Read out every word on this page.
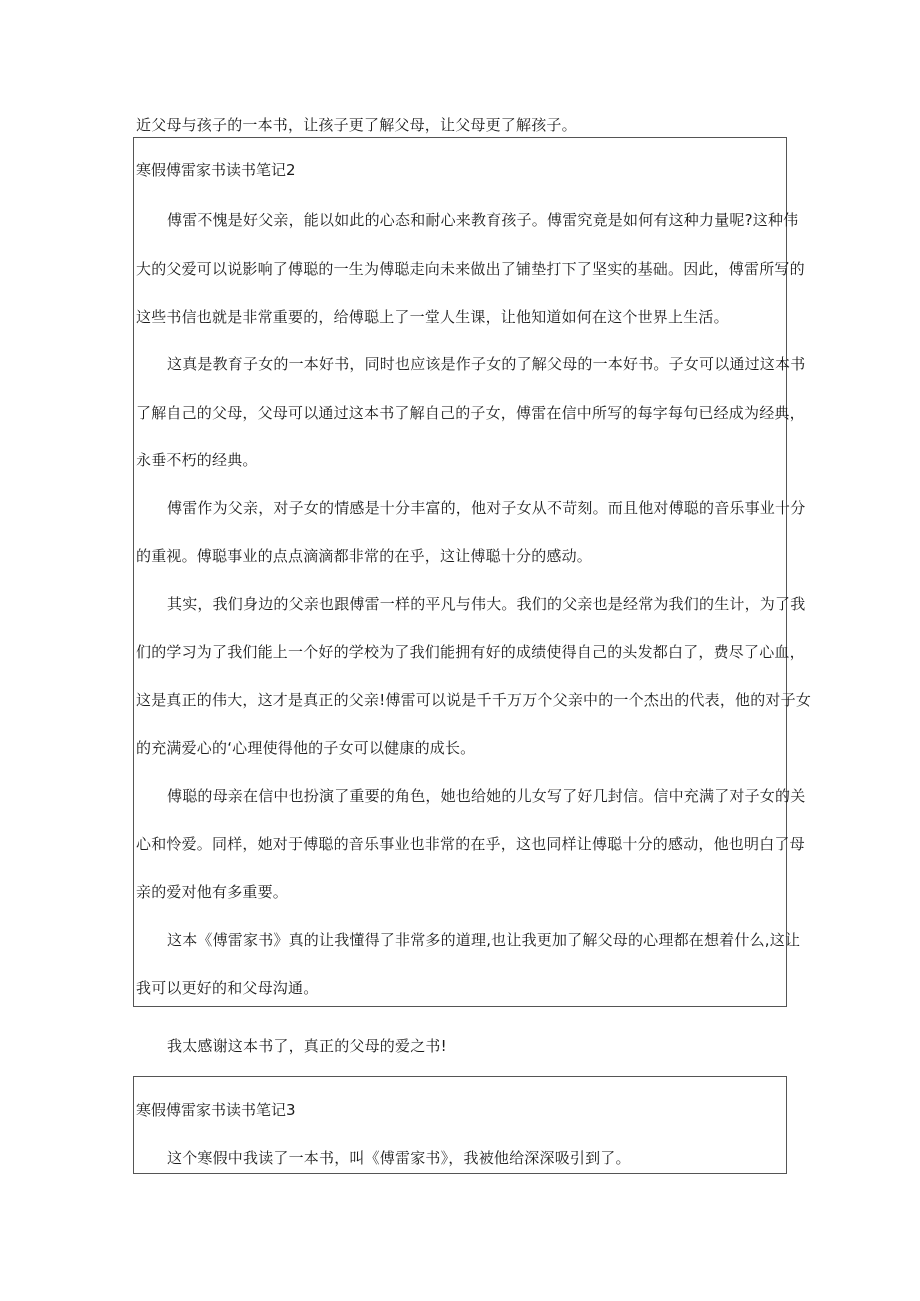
近父母与孩子的一本书，让孩子更了解父母，让父母更了解孩子。
寒假傅雷家书读书笔记2
傅雷不愧是好父亲，能以如此的心态和耐心来教育孩子。傅雷究竟是如何有这种力量呢?这种伟
大的父爱可以说影响了傅聪的一生为傅聪走向未来做出了铺垫打下了坚实的基础。因此，傅雷所写的
这些书信也就是非常重要的，给傅聪上了一堂人生课，让他知道如何在这个世界上生活。
这真是教育子女的一本好书，同时也应该是作子女的了解父母的一本好书。子女可以通过这本书
了解自己的父母，父母可以通过这本书了解自己的子女，傅雷在信中所写的每字每句已经成为经典，
永垂不朽的经典。
傅雷作为父亲，对子女的情感是十分丰富的，他对子女从不苛刻。而且他对傅聪的音乐事业十分
的重视。傅聪事业的点点滴滴都非常的在乎，这让傅聪十分的感动。
其实，我们身边的父亲也跟傅雷一样的平凡与伟大。我们的父亲也是经常为我们的生计，为了我
们的学习为了我们能上一个好的学校为了我们能拥有好的成绩使得自己的头发都白了，费尽了心血，
这是真正的伟大，这才是真正的父亲!傅雷可以说是千千万万个父亲中的一个杰出的代表，他的对子女
的充满爱心的‘心理使得他的子女可以健康的成长。
傅聪的母亲在信中也扮演了重要的角色，她也给她的儿女写了好几封信。信中充满了对子女的关
心和怜爱。同样，她对于傅聪的音乐事业也非常的在乎，这也同样让傅聪十分的感动，他也明白了母
亲的爱对他有多重要。
这本《傅雷家书》真的让我懂得了非常多的道理,也让我更加了解父母的心理都在想着什么,这让
我可以更好的和父母沟通。
我太感谢这本书了，真正的父母的爱之书!
寒假傅雷家书读书笔记3
这个寒假中我读了一本书，叫《傅雷家书》，我被他给深深吸引到了。
